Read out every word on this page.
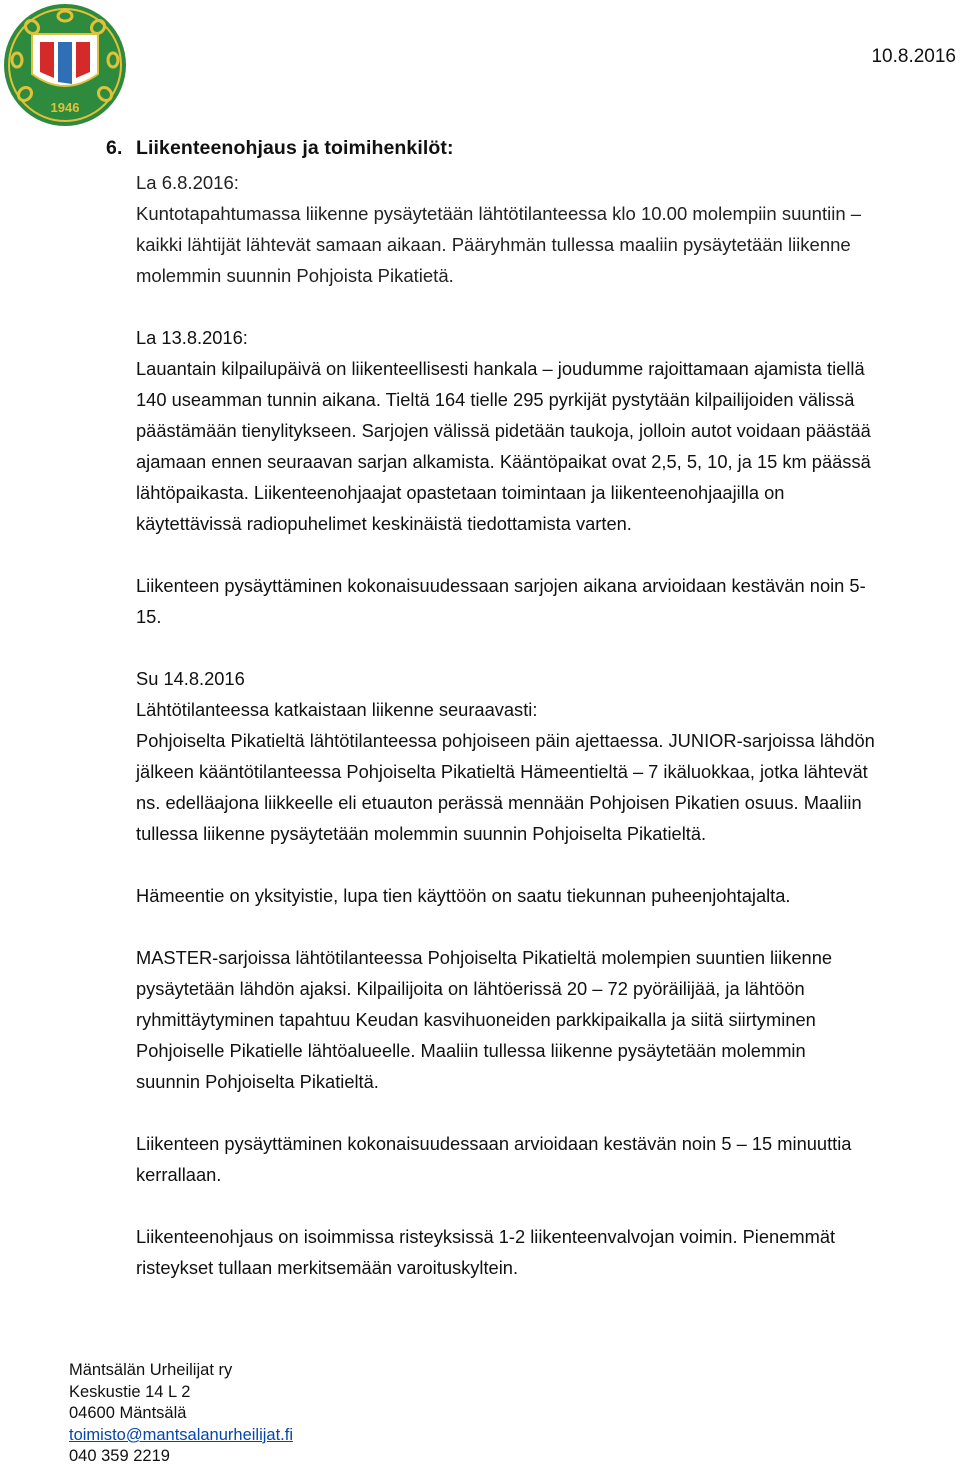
1946
10.8.2016
6. Liikenteenohjaus ja toimihenkilöt:
La 6.8.2016:
Kuntotapahtumassa liikenne pysäytetään lähtötilanteessa klo 10.00 molempiin suuntiin –
kaikki lähtijät lähtevät samaan aikaan. Pääryhmän tullessa maaliin pysäytetään liikenne
molemmin suunnin Pohjoista Pikatietä.
La 13.8.2016:
Lauantain kilpailupäivä on liikenteellisesti hankala – joudumme rajoittamaan ajamista tiellä
140 useamman tunnin aikana. Tieltä 164 tielle 295 pyrkijät pystytään kilpailijoiden välissä
päästämään tienylitykseen. Sarjojen välissä pidetään taukoja, jolloin autot voidaan päästää
ajamaan ennen seuraavan sarjan alkamista. Kääntöpaikat ovat 2,5, 5, 10, ja 15 km päässä
lähtöpaikasta. Liikenteenohjaajat opastetaan toimintaan ja liikenteenohjaajilla on
käytettävissä radiopuhelimet keskinäistä tiedottamista varten.
Liikenteen pysäyttäminen kokonaisuudessaan sarjojen aikana arvioidaan kestävän noin 5-
15.
Su 14.8.2016
Lähtötilanteessa katkaistaan liikenne seuraavasti:
Pohjoiselta Pikatieltä lähtötilanteessa pohjoiseen päin ajettaessa. JUNIOR-sarjoissa lähdön
jälkeen kääntötilanteessa Pohjoiselta Pikatieltä Hämeentieltä – 7 ikäluokkaa, jotka lähtevät
ns. edelläajona liikkeelle eli etuauton perässä mennään Pohjoisen Pikatien osuus. Maaliin
tullessa liikenne pysäytetään molemmin suunnin Pohjoiselta Pikatieltä.
Hämeentie on yksityistie, lupa tien käyttöön on saatu tiekunnan puheenjohtajalta.
MASTER-sarjoissa lähtötilanteessa Pohjoiselta Pikatieltä molempien suuntien liikenne
pysäytetään lähdön ajaksi. Kilpailijoita on lähtöerissä 20 – 72 pyöräilijää, ja lähtöön
ryhmittäytyminen tapahtuu Keudan kasvihuoneiden parkkipaikalla ja siitä siirtyminen
Pohjoiselle Pikatielle lähtöalueelle. Maaliin tullessa liikenne pysäytetään molemmin
suunnin Pohjoiselta Pikatieltä.
Liikenteen pysäyttäminen kokonaisuudessaan arvioidaan kestävän noin 5 – 15 minuuttia
kerrallaan.
Liikenteenohjaus on isoimmissa risteyksissä 1-2 liikenteenvalvojan voimin. Pienemmät
risteykset tullaan merkitsemään varoituskyltein.
Mäntsälän Urheilijat ry
Keskustie 14 L 2
04600 Mäntsälä
toimisto@mantsalanurheilijat.fi
040 359 2219
